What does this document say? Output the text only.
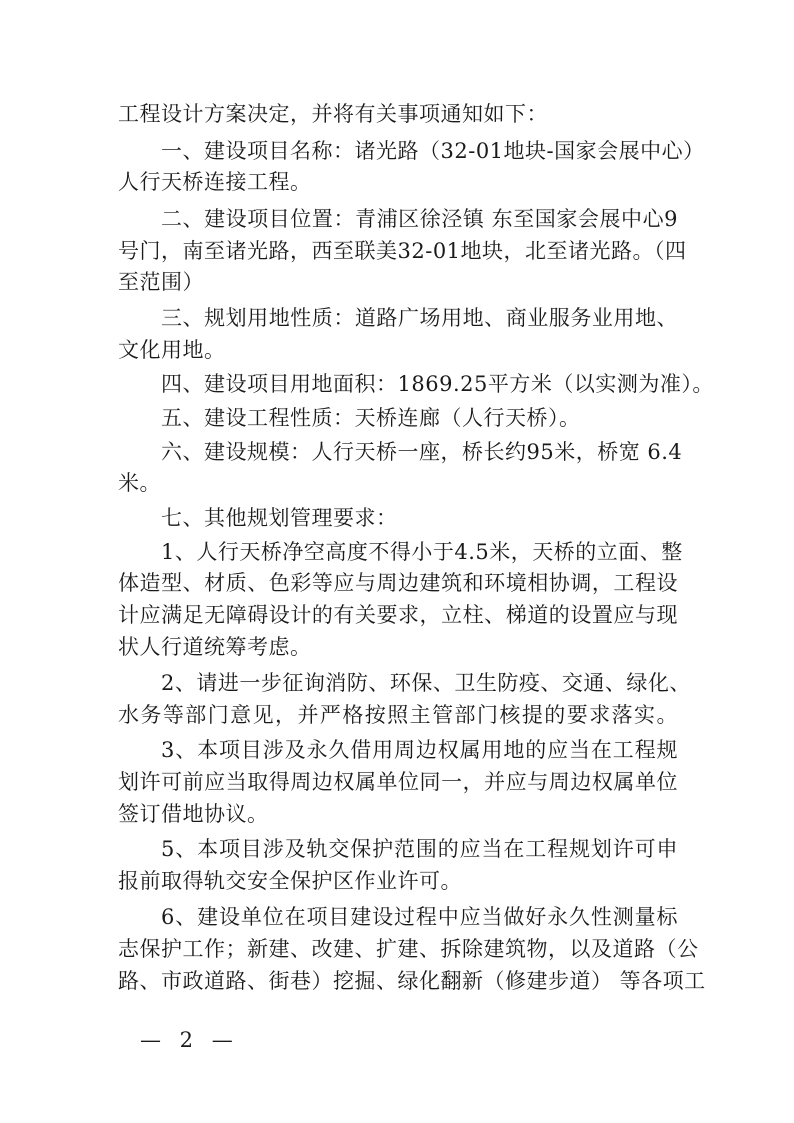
工程设计方案决定，并将有关事项通知如下：
一、建设项目名称：诸光路（32-01地块-国家会展中心）
人行天桥连接工程。
二、建设项目位置：青浦区徐泾镇 东至国家会展中心9
号门，南至诸光路，西至联美32-01地块，北至诸光路。（四
至范围）
三、规划用地性质：道路广场用地、商业服务业用地、
文化用地。
四、建设项目用地面积：1869.25平方米（以实测为准）。
五、建设工程性质：天桥连廊（人行天桥）。
六、建设规模：人行天桥一座，桥长约95米，桥宽 6.4
米。
七、其他规划管理要求：
1、人行天桥净空高度不得小于4.5米，天桥的立面、整
体造型、材质、色彩等应与周边建筑和环境相协调，工程设
计应满足无障碍设计的有关要求，立柱、梯道的设置应与现
状人行道统筹考虑。
2、请进一步征询消防、环保、卫生防疫、交通、绿化、
水务等部门意见，并严格按照主管部门核提的要求落实。
3、本项目涉及永久借用周边权属用地的应当在工程规
划许可前应当取得周边权属单位同一，并应与周边权属单位
签订借地协议。
5、本项目涉及轨交保护范围的应当在工程规划许可申
报前取得轨交安全保护区作业许可。
6、建设单位在项目建设过程中应当做好永久性测量标
志保护工作；新建、改建、扩建、拆除建筑物，以及道路（公
路、市政道路、街巷）挖掘、绿化翻新（修建步道） 等各项工
— 2 —
